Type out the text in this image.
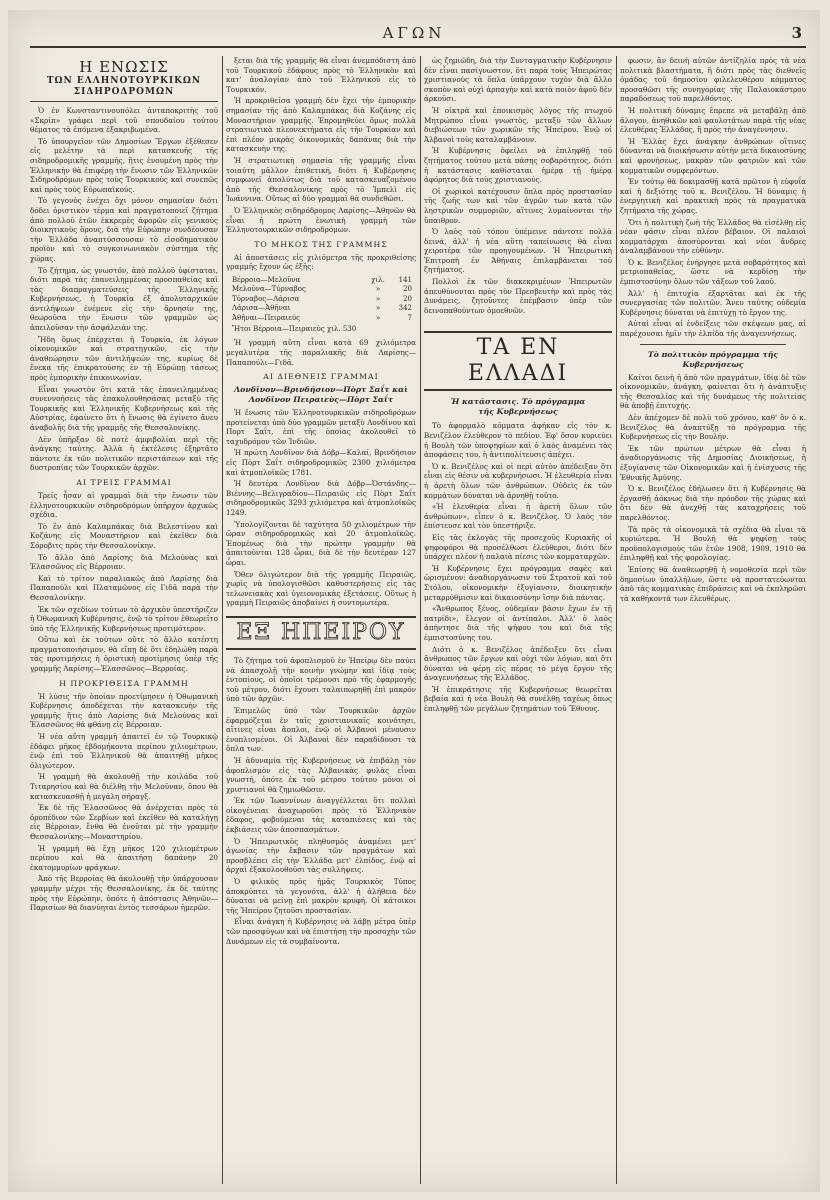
ΑΓΩΝ	3
Η ΕΝΩΣΙΣ
ΤΩΝ ΕΛΛΗΝΟΤΟΥΡΚΙΚΩΝ ΣΙΔΗΡΟΔΡΟΜΩΝ

Ὁ ἐν Κωνσταντινουπόλει ἀνταποκριτὴς τοῦ «Σκρίπ» γράφει περὶ τοῦ σπουδαίου τούτου θέματος τὰ ἑπόμενα ἐξακριβωμένα.

Τὸ ὑπουργεῖον τῶν Δημοσίων Ἔργων ἐξέθεσεν εἰς μελέτην τὰ περὶ κατασκευῆς τῆς σιδηροδρομικῆς γραμμῆς, ἥτις ἑνουμένη πρὸς τὴν Ἑλληνικὴν θὰ ἐπιφέρῃ τὴν ἕνωσιν τῶν Ἑλληνικῶν Σιδηροδρόμων πρὸς τοὺς Τουρκικοὺς καὶ συνεπῶς καὶ πρὸς τοὺς Εὐρωπαϊκούς.

Τὸ γεγονὸς ἐνέχει ὄχι μόνον σημασίαν διότι δόδει ὁριστικὸν τέρμα καὶ πραγματοποιεῖ ζήτημα ἀπὸ πολλοῦ ἐτῶν ἐκκρεμὲς ἀφορῶν εἰς γενικοὺς διοικητικοὺς ὅρους, διὰ τὴν Εὐρώπην συνδέουσαν τὴν Ἑλλάδα ἀναπτύσσουσαν τὸ εἰσοδηματικὸν προϊὸν καὶ τὸ συγκοινωνιακὸν σύστημα τῆς χώρας.

Τὸ ζήτημα, ὡς γνωστόν, ἀπὸ πολλοῦ ὑφίσταται, διότι παρὰ τὰς ἐπανειλημμένας προσπαθείας καὶ τὰς διαπραγματεύσεις τῆς Ἑλληνικῆς Κυβερνήσεως, ἡ Τουρκία ἐξ ἀπολυταρχικῶν ἀντιλήψεων ἐνέμενε εἰς τὴν ἄρνησίν της, θεωροῦσα τὴν ἕνωσιν τῶν γραμμῶν ὡς ἀπειλοῦσαν τὴν ἀσφάλειάν της.

Ἤδη ὅμως ἐπέρχεται ἡ Τουρκία, ἐκ λόγων οἰκονομικῶν καὶ στρατηγικῶν, εἰς τὴν ἀναθεώρησιν τῶν ἀντιλήψεών της, κυρίως δὲ ἕνεκα τῆς ἐπικρατούσης ἐν τῇ Εὐρώπῃ τάσεως πρὸς ἐμπορικὴν ἐπικοινωνίαν.

Εἶναι γνωστὸν ὅτι κατὰ τὰς ἐπανειλημμένας συνεννοήσεις τὰς ἐπακολουθησάσας μεταξὺ τῆς Τουρκικῆς καὶ Ἑλληνικῆς Κυβερνήσεως καὶ τῆς Αὐστρίας, ἐφαίνετο ὅτι ἡ ἕνωσις θὰ ἐγίνετο ἄνευ ἀναβολῆς διὰ τῆς γραμμῆς τῆς Θεσσαλονίκης.

Δὲν ὑπῆρξαν δὲ ποτὲ ἀμφιβολίαι περὶ τῆς ἀνάγκης ταύτης. Ἀλλὰ ἡ ἐκτέλεσις ἐξηρτᾶτο πάντοτε ἐκ τῶν πολιτικῶν περιστάσεων καὶ τῆς δυστροπίας τῶν Τουρκικῶν ἀρχῶν.

ΑΙ ΤΡΕΙΣ ΓΡΑΜΜΑΙ

Τρεῖς ἦσαν αἱ γραμμαὶ διὰ τὴν ἕνωσιν τῶν ἑλληνοτουρκικῶν σιδηροδρόμων ὑπῆρχον ἀρχικῶς σχέδια.

Τὸ ἓν ἀπὸ Καλαμπάκας διὰ Βελεστίνου καὶ Κοζάνης εἰς Μοναστήριον καὶ ἐκεῖθεν διὰ Σόροβιτς πρὸς τὴν Θεσσαλονίκην.

Τὸ ἄλλο ἀπὸ Λαρίσης διὰ Μελούνας καὶ Ἐλασσῶνος εἰς Βέρροιαν.

Καὶ τὸ τρίτον παραλιακῶς ἀπὸ Λαρίσης διὰ Παπαπούλι καὶ Πλαταμῶνος εἰς Γιδᾶ παρὰ τὴν Θεσσαλονίκην.

Ἐκ τῶν σχεδίων τούτων τὸ ἀρχικὸν ὑπεστήριζεν ἡ Ὀθωμανικὴ Κυβέρνησις, ἐνῷ τὸ τρίτον ἐθεωρεῖτο ὑπὸ τῆς Ἑλληνικῆς Κυβερνήσεως προτιμότερον.

Οὕτω καὶ ἐκ τούτων οὔτε τὸ ἄλλο κατέστη πραγματοποιήσιμον, θὰ εἴπῃ δὲ ὅτι ἐδηλώθη παρὰ τὰς προτιμήσεις ἡ ὁριστικὴ προτίμησις ὑπὲρ τῆς γραμμῆς Λαρίσης—Ἐλασσῶνος—Βερροίας.

Η ΠΡΟΚΡΙΘΕΙΣΑ ΓΡΑΜΜΗ

Ἡ λύσις τῆν ὁποίαν προετίμησεν ἡ Ὀθωμανικὴ Κυβέρνησις ἀποδέχεται τὴν κατασκευὴν τῆς γραμμῆς ἥτις ἀπὸ Λαρίσης διὰ Μελούνας καὶ Ἐλασσῶνος θὰ φθάνῃ εἰς Βέρροιαν.

Ἡ νέα αὕτη γραμμὴ ἀπαιτεῖ ἐν τῷ Τουρκικῷ ἐδάφει μῆκος ἑβδομήκοντα περίπου χιλιομέτρων, ἐνῷ ἐπὶ τοῦ Ἑλληνικοῦ θὰ ἀπαιτηθῇ μῆκος ὀλιγώτερον.

Ἡ γραμμὴ θὰ ἀκολουθῇ τὴν κοιλάδα τοῦ Τιταρησίου καὶ θὰ διέλθῃ τὴν Μελοῦναν, ὅπου θὰ κατασκευασθῇ ἡ μεγάλη σήραγξ.

Ἐκ δὲ τῆς Ἐλασσῶνος θὰ ἀνέρχεται πρὸς τὸ ὀροπέδιον τῶν Σερβίων καὶ ἐκεῖθεν θὰ καταλήγῃ εἰς Βέρροιαν, ἔνθα θὰ ἑνοῦται μὲ τὴν γραμμὴν Θεσσαλονίκης—Μοναστηρίου.

Ἡ γραμμὴ θὰ ἔχῃ μῆκος 120 χιλιομέτρων περίπου καὶ θὰ ἀπαιτήσῃ δαπάνην 20 ἑκατομμυρίων φράγκων.

Ἀπὸ τῆς Βερροίας θὰ ἀκολουθῇ τὴν ὑπάρχουσαν γραμμὴν μέχρι τῆς Θεσσαλονίκης, ἐκ δὲ ταύτης πρὸς τὴν Εὐρώπην, ὁπότε ἡ ἀπόστασις Ἀθηνῶν—Παρισίων θὰ διανύηται ἐντὸς τεσσάρων ἡμερῶν.

ξεται διὰ τῆς γραμμῆς θὰ εἶναι ἀνεμπόδιστη ἀπὸ τοῦ Τουρκικοῦ ἐδάφους πρὸς τὸ Ἑλληνικὸν καὶ κατ' ἀναλογίαν ἀπὸ τοῦ Ἑλληνικοῦ εἰς τὸ Τουρκικόν.

Ἡ προκριθεῖσα γραμμὴ δὲν ἔχει τὴν ἐμπορικὴν σημασίαν τῆς ἀπὸ Καλαμπάκας διὰ Κοζάνης εἰς Μοναστήριον γραμμῆς. Ἐπρομηθεύει ὅμως πολλὰ στρατιωτικὰ πλεονεκτήματα εἰς τὴν Τουρκίαν καὶ ἐπὶ πλέον μικρὰς ὀικονομικὰς δαπάνας διὰ τὴν κατασκευὴν της.

Ἡ στρατιωτικὴ σημασία τῆς γραμμῆς εἶναι τοιαύτη μᾶλλον ἐπιθετική, διότι ἡ Κυβέρνησις συμφωνεῖ ἀπολύτως διὰ τοῦ κατασκευαζομένου ἀπὸ τῆς Θεσσαλονίκης πρὸς τὸ Ἰμπελὶ εἰς Ἰωάννινα. Οὕτως αἱ δύο γραμμαὶ θὰ συνδεθῶσι.

Ὁ Ἑλληνικὸς σιδηρόδρομος Λαρίσης—Ἀθηνῶν θὰ εἶναι ἡ πρώτη ἑνωτικὴ γραμμὴ τῶν Ἑλληνοτουρκικῶν σιδηροδρόμων.

ΤΟ ΜΗΚΟΣ ΤΗΣ ΓΡΑΜΜΗΣ

Αἱ ἀποστάσεις εἰς χιλιόμετρα τῆς προκριθείσης γραμμῆς ἔχουν ὡς ἑξῆς:

Βέρροια—Μελοῦνα	χιλ.	141
Μελοῦνα—Τύρναβος	»	20
Τύρναβος—Λάρισα	»	20
Λάρισα—Ἀθῆναι	»	342
Ἀθῆναι—Πειραιεύς	»	7
Ἤτοι Βέρροια—Πειραιεὺς χιλ. 530

Ἡ γραμμὴ αὕτη εἶναι κατὰ 69 χιλιόμετρα μεγαλυτέρα τῆς παραλιακῆς διὰ Λαρίσης—Παπαπούλι—Γιδᾶ.

ΑΙ ΔΙΕΘΝΕΙΣ ΓΡΑΜΜΑΙ
Λονδῖνον—Βρινδήσιον—Πὸρτ Σαΐτ καὶ
Λονδῖνον Πειραιεὺς—Πὸρτ Σαΐτ

Ἡ ἕνωσις τῶν Ἑλληνοτουρκικῶν σιδηροδρόμων προτείνεται ὑπὸ δύο γραμμῶν μεταξὺ Λονδίνου καὶ Πορτ Σαΐτ, ἐπὶ τῆς ὁποίας ἀκολουθεῖ τὸ ταχυδρόμον τῶν Ἰνδιῶν.

Ἡ πρώτη Λονδῖνον διὰ Δόβρ—Καλαί, Βρινδήσιον εἰς Πὸρτ Σαΐτ σιδηροδρομικῶς 2300 χιλιόμετρα καὶ ἀτμοπλοϊκῶς 1781.

Ἡ δευτέρα Λονδῖνον διὰ Δόβρ—Ὀστάνδης—Βιέννης—Βελιγραδίου—Πειραιῶς εἰς Πὸρτ Σαΐτ σιδηροδρομικῶς 3293 χιλιόμετρα καὶ ἀτμοπλοϊκῶς 1249.

Ὑπολογίζονται δὲ ταχύτητα 50 χιλιομέτρων τὴν ὥραν σιδηροδρομικῶς καὶ 20 ἀτμοπλοϊκῶς. Ἐπομένως διὰ τὴν πρώτην γραμμὴν θὰ ἀπαιτοῦνται 128 ὧραι, διὰ δὲ τὴν δευτέραν 127 ὧραι.

Ὅθεν ὁλιγώτερον διὰ τῆς γραμμῆς Πειραιῶς, χωρὶς νὰ ὑπολογισθῶσι καθυστερήσεις εἰς τὰς τελωνειακὰς καὶ ὑγειονομικὰς ἐξετάσεις. Οὕτως ἡ γραμμὴ Πειραιῶς ἀποβαίνει ἡ συντομωτέρα.

ΕΞ ΗΠΕΙΡΟΥ

Τὸ ζήτημα τοῦ ἀφοπλισμοῦ ἐν Ἠπείρῳ δὲν παύει νὰ ἀπασχολῇ τὴν κοινὴν γνώμην καὶ ἰδίᾳ τοὺς ἐντοπίους, οἱ ὁποῖοι τρέμουσι πρὸ τῆς ἐφαρμογῆς τοῦ μέτρου, διότι ἔχουσι ταλαιπωρηθῇ ἐπὶ μακρόν ὑπὸ τῶν ἀρχῶν.

Ἐπιμελῶς ὑπὸ τῶν Τουρκικῶν ἀρχῶν ἐφαρμόζεται ἐν ταῖς χριστιανικαῖς κοινότησι, αἵτινες εἶναι ἄοπλοι, ἐνῷ οἱ Ἀλβανοὶ μένουσιν ἐνοπλισμένοι. Οἱ Ἀλβανοὶ δὲν παραδίδουσι τὰ ὅπλα των.

Ἡ ἀδυναμία τῆς Κυβερνήσεως νὰ ἐπιβάλῃ τὸν ἀφοπλισμὸν εἰς τὰς Ἀλβανικὰς φυλὰς εἶναι γνωστή, ὁπότε ἐκ τοῦ μέτρου τούτου μόνοι οἱ χριστιανοὶ θὰ ζημιωθῶσιν.

Ἐκ τῶν Ἰωαννίνων ἀναγγέλλεται ὅτι πολλαὶ οἰκογένειαι ἀναχωροῦσι πρὸς τὸ Ἑλληνικὸν ἔδαφος, φοβούμεναι τὰς καταπιέσεις καὶ τὰς ἐκβιάσεις τῶν ἀποσπασμάτων.

Ὁ Ἠπειρωτικὸς πληθυσμὸς ἀναμένει μετ' ἀγωνίας τὴν ἔκβασιν τῶν πραγμάτων καὶ προσβλέπει εἰς τὴν Ἑλλάδα μετ' ἐλπίδος, ἐνῷ αἱ ἀρχαὶ ἐξακολουθοῦσι τὰς συλλήψεις.

Ὁ φιλικὸς πρὸς ἡμᾶς Τουρκικὸς Τύπος ἀποκρύπτει τὰ γεγονότα, ἀλλ' ἡ ἀλήθεια δὲν δύναται νὰ μείνῃ ἐπὶ μακρὸν κρυφή. Οἱ κάτοικοι τῆς Ἠπείρου ζητοῦσι προστασίαν.

Εἶναι ἀνάγκη ἡ Κυβέρνησις νὰ λάβῃ μέτρα ὑπὲρ τῶν προσφύγων καὶ νὰ ἐπιστήσῃ τὴν προσοχὴν τῶν Δυνάμεων εἰς τὰ συμβαίνοντα.

ὡς ζημιῶδη, διὰ τὴν Συνταγματικὴν Κυβέρνησιν δὲν εἶναι πασίγνωστον, ὅτι παρὰ τοὺς Ἠπειρώτας χριστιανοὺς τὰ ὅπλα ὑπάρχουν τυχὸν διὰ ἄλλο σκοπὸν καὶ οὐχὶ ἀρπαγὴν καὶ κατὰ ποιὸν ἀφοῦ δὲν ἀρκοῦσι.

Ἡ οἰκτρὰ καὶ ἐποικισμὸς λόγος τῆς πτωχοῦ Μητρώπου εἶναι γνωστὸς, μεταξὺ τῶν ἄλλων διεβιώσεων τῶν χωρικῶν τῆς Ἠπείρου. Ἐνῷ οἱ Ἀλβανοὶ τοὺς καταλαμβάνουν.

Ἡ Κυβέρνησις ὀφείλει νὰ ἐπιληφθῇ τοῦ ζητήματος τούτου μετὰ πάσης σοβαρότητος, διότι ἡ κατάστασις καθίσταται ἡμέρᾳ τῇ ἡμέρᾳ ἀφόρητος διὰ τοὺς χριστιανούς.

Οἱ χωρικοὶ κατέχουσιν ὅπλα πρὸς προστασίαν τῆς ζωῆς των καὶ τῶν ἀγρῶν των κατὰ τῶν ληστρικῶν συμμοριῶν, αἵτινες λυμαίνονται τὴν ὕπαιθρον.

Ὁ λαὸς τοῦ τόπου ὑπέμεινε πάντοτε πολλὰ δεινά, ἀλλ' ἡ νέα αὕτη ταπείνωσις θὰ εἶναι χειροτέρα τῶν προηγουμένων. Ἡ Ἠπειρωτικὴ Ἐπιτροπὴ ἐν Ἀθήναις ἐπιλαμβάνεται τοῦ ζητήματος.

Πολλοὶ ἐκ τῶν διακεκριμένων Ἠπειρωτῶν ἀπευθύνονται πρὸς τὸν Πρεσβευτὴν καὶ πρὸς τὰς Δυνάμεις, ζητοῦντες ἐπέμβασιν ὑπὲρ τῶν δεινοπαθούντων ὁμοεθνῶν.

ΤΑ ΕΝ ΕΛΛΑΔΙ
Ἡ κατάστασις. Τὸ πρόγραμμα
τῆς Κυβερνήσεως

Τὸ ἀφορμαλὸ κόμματα ἀφήκαν εἰς τὸν κ. Βενιζέλον ἐλεύθερον τὸ πεδίον. Ἐφ' ὅσον κυριεύει ἡ Βουλὴ τῶν ὑποψηφίων καὶ ὁ λαὸς ἀναμένει τὰς ἀποφάσεις του, ἡ ἀντιπολίτευσις ἀπέχει.

Ὁ κ. Βενιζέλος καὶ οἱ περὶ αὐτὸν ἀπέδειξαν ὅτι εἶναι εἰς θέσιν νὰ κυβερνήσωσι. Ἡ ἐλευθερία εἶναι ἡ ἀρετὴ ὅλων τῶν ἀνθρώπων. Οὐδεὶς ἐκ τῶν κομμάτων δύναται νὰ ἀρνηθῇ τοῦτο.

«Ἡ ἐλευθερία εἶναι ἡ ἀρετὴ ὅλων τῶν ἀνθρώπων», εἶπεν ὁ κ. Βενιζέλος. Ὁ λαὸς τὸν ἐπίστευσε καὶ τὸν ὑπεστήριξε.

Εἰς τὰς ἐκλογὰς τῆς προσεχοῦς Κυριακῆς οἱ ψηφοφόροι θὰ προσέλθωσι ἐλεύθεροι, διότι δὲν ὑπάρχει πλέον ἡ παλαιὰ πίεσις τῶν κομματαρχῶν.

Ἡ Κυβέρνησις ἔχει πρόγραμμα σαφὲς καὶ ὡρισμένον: ἀναδιοργάνωσιν τοῦ Στρατοῦ καὶ τοῦ Στόλου, οἰκονομικὴν ἐξυγίανσιν, διοικητικὴν μεταρρύθμισιν καὶ δικαιοσύνην ἴσην διὰ πάντας.

«Ἄνθρωπος ξένος, οὐδεμίαν βάσιν ἔχων ἐν τῇ πατρίδι», ἔλεγον οἱ ἀντίπαλοι. Ἀλλ' ὁ λαὸς ἀπήντησε διὰ τῆς ψήφου του καὶ διὰ τῆς ἐμπιστοσύνης του.

Διότι ὁ κ. Βενιζέλος ἀπέδειξεν ὅτι εἶναι ἄνθρωπος τῶν ἔργων καὶ οὐχὶ τῶν λόγων, καὶ ὅτι δύναται νὰ φέρῃ εἰς πέρας τὸ μέγα ἔργον τῆς ἀναγεννήσεως τῆς Ἑλλάδος.

Ἡ ἐπικράτησις τῆς Κυβερνήσεως θεωρεῖται βεβαία καὶ ἡ νέα Βουλὴ θὰ συνέλθῃ ταχέως ὅπως ἐπιληφθῇ τῶν μεγάλων ζητημάτων τοῦ Ἔθνους.

φωσιν, ἂν δεινὴ αὐτῶν ἀντίζηλία πρὸς τὰ νέα πολιτικὰ βλαστήματα, ἢ διότι πρὸς τὰς διεθνεῖς ὁμάδας τοῦ δημοσίου φιλελευθέρου κόμματος προσαθῶσι τῆς συνηγορίας τῆς Παλαιοκάστρου παραδόσεως τοῦ παρελθόντος.

Ἡ πολιτικὴ δύναμις ἔπρεπε νὰ μεταβάλῃ ἀπὸ ἄλογον, ἀνηθικῶν καὶ φαυλοτάτων παρὰ τῆς νέας ἐλευθέρας Ἑλλάδος, ἣ πρὸς τὴν ἀναγέννησιν.

Ἡ Ἑλλὰς ἔχει ἀνάγκην ἀνθρώπων οἵτινες δύνανται νὰ διοικήσωσιν αὐτὴν μετὰ δικαιοσύνης καὶ φρονήσεως, μακρὰν τῶν φατριῶν καὶ τῶν κομματικῶν συμφερόντων.

Ἐν τούτῳ θὰ δοκιμασθῇ κατὰ πρῶτον ἡ εὐφυΐα καὶ ἡ δεξιότης τοῦ κ. Βενιζέλου. Ἡ δύναμις ἡ ἐνεργητικὴ καὶ πρακτικὴ πρὸς τὰ πραγματικὰ ζητήματα τῆς χώρας.

Ὅτι ἡ πολιτικὴ ζωὴ τῆς Ἑλλάδος θὰ εἰσέλθῃ εἰς νέαν φάσιν εἶναι πλέον βέβαιον. Οἱ παλαιοὶ κομματάρχαι ἀποσύρονται καὶ νέοι ἄνδρες ἀναλαμβάνουν τὴν εὐθύνην.

Ὁ κ. Βενιζέλος ἐνήργησε μετὰ σοβαρότητος καὶ μετριοπαθείας, ὥστε νὰ κερδίσῃ τὴν ἐμπιστοσύνην ὅλων τῶν τάξεων τοῦ λαοῦ.

Ἀλλ' ἡ ἐπιτυχία ἐξαρτᾶται καὶ ἐκ τῆς συνεργασίας τῶν πολιτῶν. Ἄνευ ταύτης οὐδεμία Κυβέρνησις δύναται νὰ ἐπιτύχῃ τὸ ἔργον της.

Αὐταὶ εἶναι αἱ ἐνδείξεις τῶν σκέψεων μας, αἱ παρέχουσαι ἡμῖν τὴν ἐλπίδα τῆς ἀναγεννήσεως.

Τὸ πολιτικὸν πρόγραμμα τῆς Κυβερνήσεως

Καίτοι δεινὴ ἡ ἀπὸ τῶν πραγμάτων, ἰδίᾳ δὲ τῶν οἰκονομικῶν, ἀνάγκη, φαίνεται ὅτι ἡ ἀνάπτυξις τῆς Θεσσαλίας καὶ τῆς δυνάμεως τῆς πολιτείας θὰ ἀποβῇ ἐπιτυχής.

Δὲν ἀπέχομεν δὲ πολὺ τοῦ χρόνου, καθ' ὃν ὁ κ. Βενιζέλος θὰ ἀναπτύξῃ τὸ πρόγραμμα τῆς Κυβερνήσεως εἰς τὴν Βουλήν.

Ἐκ τῶν πρώτων μέτρων θὰ εἶναι ἡ ἀναδιοργάνωσις τῆς Δημοσίας Διοικήσεως, ἡ ἐξυγίανσις τῶν Οἰκονομικῶν καὶ ἡ ἐνίσχυσις τῆς Ἐθνικῆς Ἀμύνης.

Ὁ κ. Βενιζέλος ἐδήλωσεν ὅτι ἡ Κυβέρνησις θὰ ἐργασθῇ ἀόκνως διὰ τὴν πρόοδον τῆς χώρας καὶ ὅτι δὲν θὰ ἀνεχθῇ τὰς καταχρήσεις τοῦ παρελθόντος.

Τὰ πρὸς τὰ οἰκονομικὰ τὰ σχέδια θὰ εἶναι τὰ κυριώτερα. Ἡ Βουλὴ θὰ ψηφίσῃ τοὺς προϋπολογισμοὺς τῶν ἐτῶν 1908, 1909, 1910 θὰ ἐπιληφθῇ καὶ τῆς φορολογίας.

Ἐπίσης θὰ ἀναθεωρηθῇ ἡ νομοθεσία περὶ τῶν δημοσίων ὑπαλλήλων, ὥστε νὰ προστατεύωνται ἀπὸ τὰς κομματικὰς ἐπιδράσεις καὶ νὰ ἐκπληρῶσι τὰ καθήκοντά των ἐλευθέρως.
